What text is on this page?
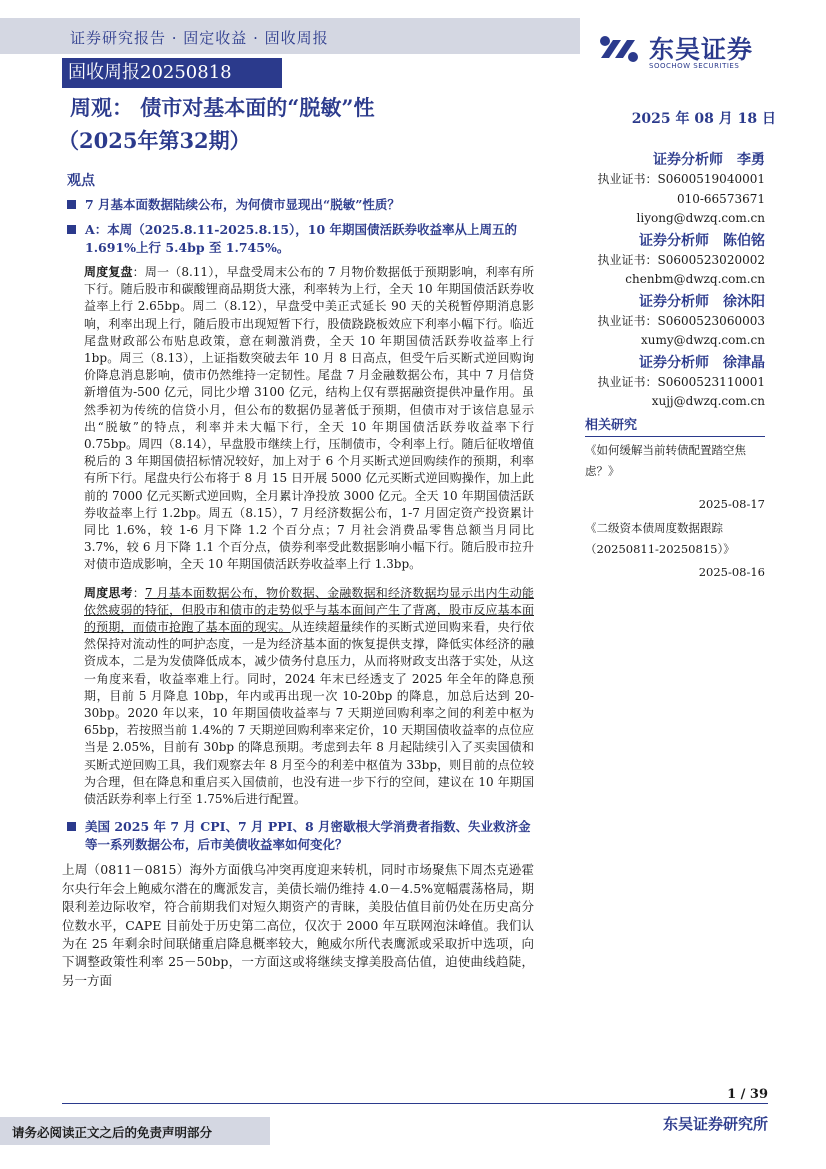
证券研究报告 · 固定收益 · 固收周报
固收周报20250818
东吴证券
SOOCHOW SECURITIES
周观： 债市对基本面的“脱敏”性
（2025年第32期）
2025 年 08 月 18 日
观点
7 月基本面数据陆续公布，为何债市显现出“脱敏”性质？
A：本周（2025.8.11-2025.8.15），10 年期国债活跃券收益率从上周五的 1.691%上行 5.4bp 至 1.745%。
周度复盘：周一（8.11），早盘受周末公布的 7 月物价数据低于预期影响，利率有所下行。随后股市和碳酸锂商品期货大涨，利率转为上行，全天 10 年期国债活跃券收益率上行 2.65bp。周二（8.12），早盘受中美正式延长 90 天的关税暂停期消息影响，利率出现上行，随后股市出现短暂下行，股债跷跷板效应下利率小幅下行。临近尾盘财政部公布贴息政策，意在刺激消费，全天 10 年期国债活跃券收益率上行 1bp。周三（8.13），上证指数突破去年 10 月 8 日高点，但受午后买断式逆回购询价降息消息影响，债市仍然维持一定韧性。尾盘 7 月金融数据公布，其中 7 月信贷新增值为-500 亿元，同比少增 3100 亿元，结构上仅有票据融资提供冲量作用。虽然季初为传统的信贷小月，但公布的数据仍显著低于预期，但债市对于该信息显示出“脱敏”的特点，利率并未大幅下行，全天 10 年期国债活跃券收益率下行 0.75bp。周四（8.14），早盘股市继续上行，压制债市，令利率上行。随后征收增值税后的 3 年期国债招标情况较好，加上对于 6 个月买断式逆回购续作的预期，利率有所下行。尾盘央行公布将于 8 月 15 日开展 5000 亿元买断式逆回购操作，加上此前的 7000 亿元买断式逆回购，全月累计净投放 3000 亿元。全天 10 年期国债活跃券收益率上行 1.2bp。周五（8.15），7 月经济数据公布，1-7 月固定资产投资累计同比 1.6%，较 1-6 月下降 1.2 个百分点；7 月社会消费品零售总额当月同比 3.7%，较 6 月下降 1.1 个百分点，债券利率受此数据影响小幅下行。随后股市拉升对债市造成影响，全天 10 年期国债活跃券收益率上行 1.3bp。
周度思考：7 月基本面数据公布，物价数据、金融数据和经济数据均显示出内生动能依然疲弱的特征，但股市和债市的走势似乎与基本面间产生了背离，股市反应基本面的预期，而债市抢跑了基本面的现实。从连续超量续作的买断式逆回购来看，央行依然保持对流动性的呵护态度，一是为经济基本面的恢复提供支撑，降低实体经济的融资成本，二是为发债降低成本，减少债务付息压力，从而将财政支出落于实处，从这一角度来看，收益率难上行。同时，2024 年末已经透支了 2025 年全年的降息预期，目前 5 月降息 10bp，年内或再出现一次 10-20bp 的降息，加总后达到 20-30bp。2020 年以来，10 年期国债收益率与 7 天期逆回购利率之间的利差中枢为 65bp，若按照当前 1.4%的 7 天期逆回购利率来定价，10 天期国债收益率的点位应当是 2.05%，目前有 30bp 的降息预期。考虑到去年 8 月起陆续引入了买卖国债和买断式逆回购工具，我们观察去年 8 月至今的利差中枢值为 33bp，则目前的点位较为合理，但在降息和重启买入国债前，也没有进一步下行的空间，建议在 10 年期国债活跃券利率上行至 1.75%后进行配置。
美国 2025 年 7 月 CPI、7 月 PPI、8 月密歇根大学消费者指数、失业救济金等一系列数据公布，后市美债收益率如何变化？
上周（0811－0815）海外方面俄乌冲突再度迎来转机，同时市场聚焦下周杰克逊霍尔央行年会上鲍威尔潜在的鹰派发言，美债长端仍维持 4.0－4.5%宽幅震荡格局，期限利差边际收窄，符合前期我们对短久期资产的青睐，美股估值目前仍处在历史高分位数水平，CAPE 目前处于历史第二高位，仅次于 2000 年互联网泡沫峰值。我们认为在 25 年剩余时间联储重启降息概率较大，鲍威尔所代表鹰派或采取折中选项，向下调整政策性利率 25－50bp，一方面这或将继续支撑美股高估值，迫使曲线趋陡，另一方面
证券分析师　李勇
执业证书：S0600519040001
010-66573671
liyong@dwzq.com.cn
证券分析师　陈伯铭
执业证书：S0600523020002
chenbm@dwzq.com.cn
证券分析师　徐沐阳
执业证书：S0600523060003
xumy@dwzq.com.cn
证券分析师　徐津晶
执业证书：S0600523110001
xujj@dwzq.com.cn
相关研究
《如何缓解当前转债配置踏空焦虑？》
2025-08-17
《二级资本债周度数据跟踪（20250811-20250815）》
2025-08-16
1 / 39
请务必阅读正文之后的免责声明部分	东吴证券研究所
